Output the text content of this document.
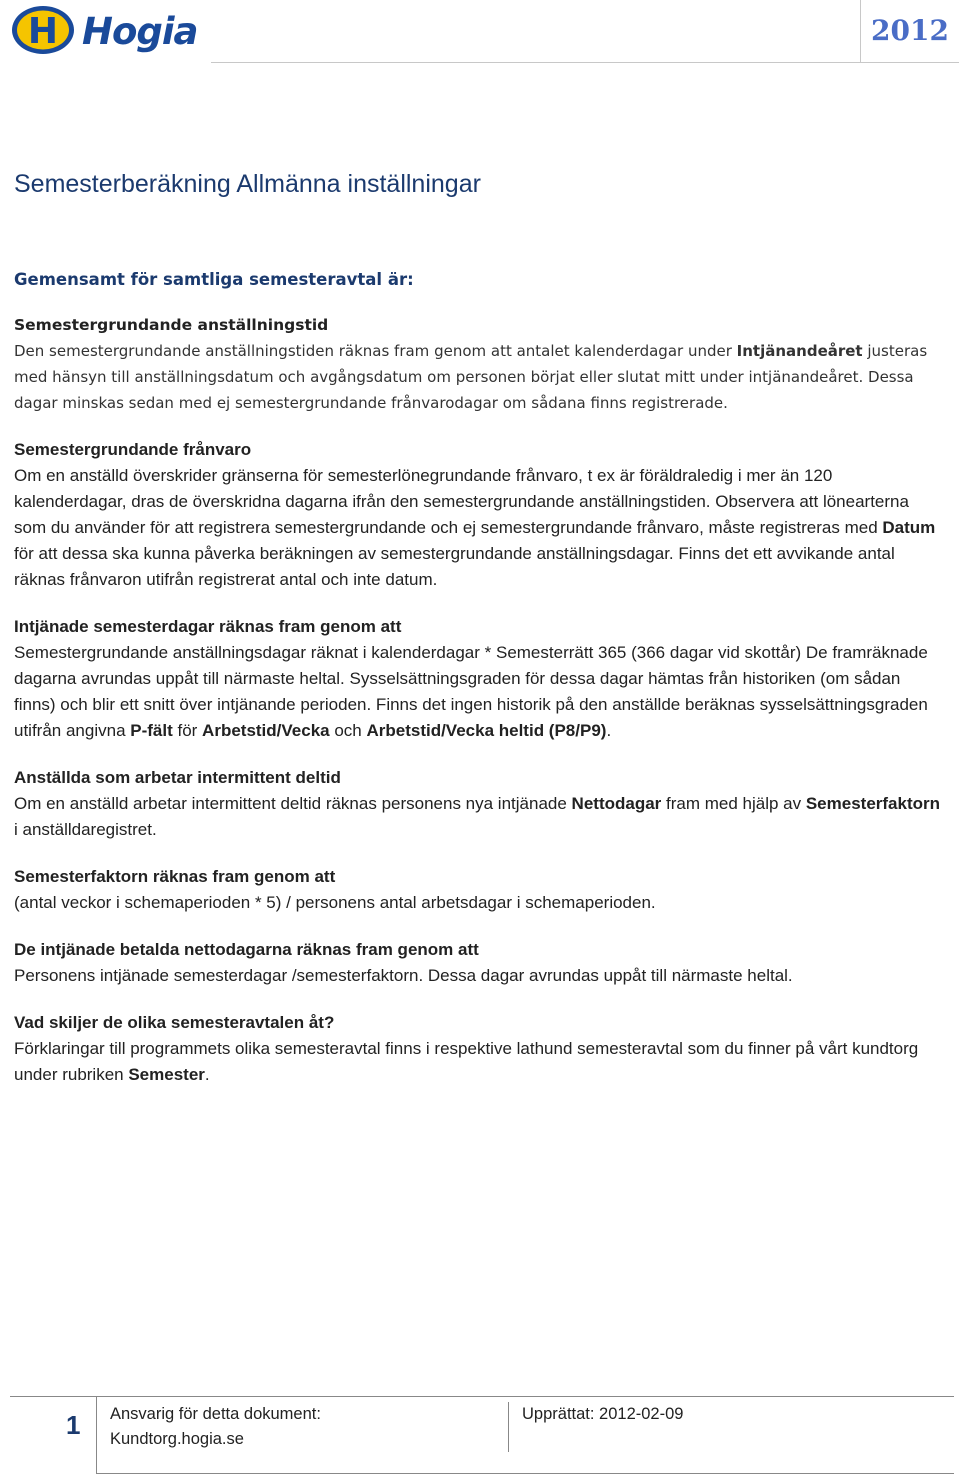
H Hogia	2012
Semesterberäkning Allmänna inställningar

Gemensamt för samtliga semesteravtal är:

Semestergrundande anställningstid

Den semestergrundande anställningstiden räknas fram genom att antalet kalenderdagar under Intjänandeåret justeras med hänsyn till anställningsdatum och avgångsdatum om personen börjat eller slutat mitt under intjänandeåret. Dessa dagar minskas sedan med ej semestergrundande frånvarodagar om sådana finns registrerade.

Semestergrundande frånvaro

Om en anställd överskrider gränserna för semesterlönegrundande frånvaro, t ex är föräldraledig i mer än 120 kalenderdagar, dras de överskridna dagarna ifrån den semestergrundande anställningstiden. Observera att lönearterna som du använder för att registrera semestergrundande och ej semestergrundande frånvaro, måste registreras med Datum för att dessa ska kunna påverka beräkningen av semestergrundande anställningsdagar. Finns det ett avvikande antal räknas frånvaron utifrån registrerat antal och inte datum.

Intjänade semesterdagar räknas fram genom att

Semestergrundande anställningsdagar räknat i kalenderdagar * Semesterrätt 365 (366 dagar vid skottår) De framräknade dagarna avrundas uppåt till närmaste heltal. Sysselsättningsgraden för dessa dagar hämtas från historiken (om sådan finns) och blir ett snitt över intjänande perioden. Finns det ingen historik på den anställde beräknas sysselsättningsgraden utifrån angivna P-fält för Arbetstid/Vecka och Arbetstid/Vecka heltid (P8/P9).

Anställda som arbetar intermittent deltid

Om en anställd arbetar intermittent deltid räknas personens nya intjänade Nettodagar fram med hjälp av Semesterfaktorn i anställdaregistret.

Semesterfaktorn räknas fram genom att

(antal veckor i schemaperioden * 5) / personens antal arbetsdagar i schemaperioden.

De intjänade betalda nettodagarna räknas fram genom att

Personens intjänade semesterdagar /semesterfaktorn. Dessa dagar avrundas uppåt till närmaste heltal.

Vad skiljer de olika semesteravtalen åt?

Förklaringar till programmets olika semesteravtal finns i respektive lathund semesteravtal som du finner på vårt kundtorg under rubriken Semester.

1 Ansvarig för detta dokument:
Kundtorg.hogia.se
Upprättat: 2012-02-09
